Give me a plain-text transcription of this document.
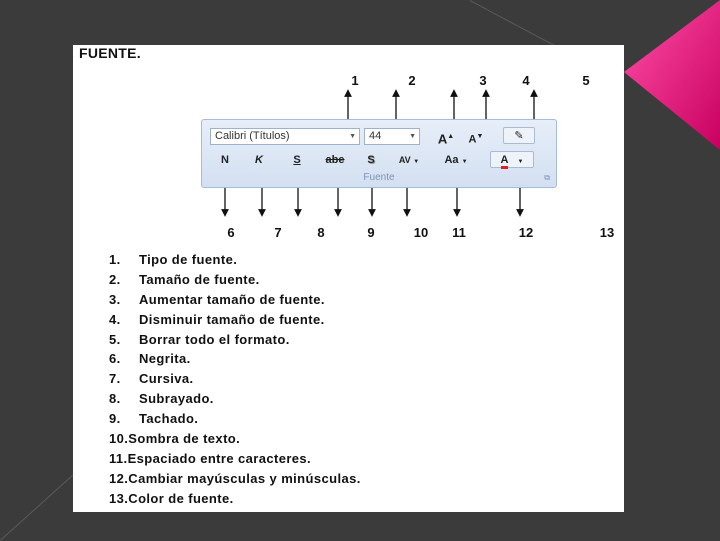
FUENTE.
1	2	3	4	5
Calibri (Títulos)	▼	44	▼ A▲	A▼	✎
N	K	S	abe	S	AV ▼	Aa ▼	A ▼
Fuente	⧉
6	7	8	9	10	11	12	13
1. Tipo de fuente.
2. Tamaño de fuente.
3. Aumentar tamaño de fuente.
4. Disminuir tamaño de fuente.
5. Borrar todo el formato.
6. Negrita.
7. Cursiva.
8. Subrayado.
9. Tachado.
10.Sombra de texto.
11.Espaciado entre caracteres.
12.Cambiar mayúsculas y minúsculas.
13.Color de fuente.
